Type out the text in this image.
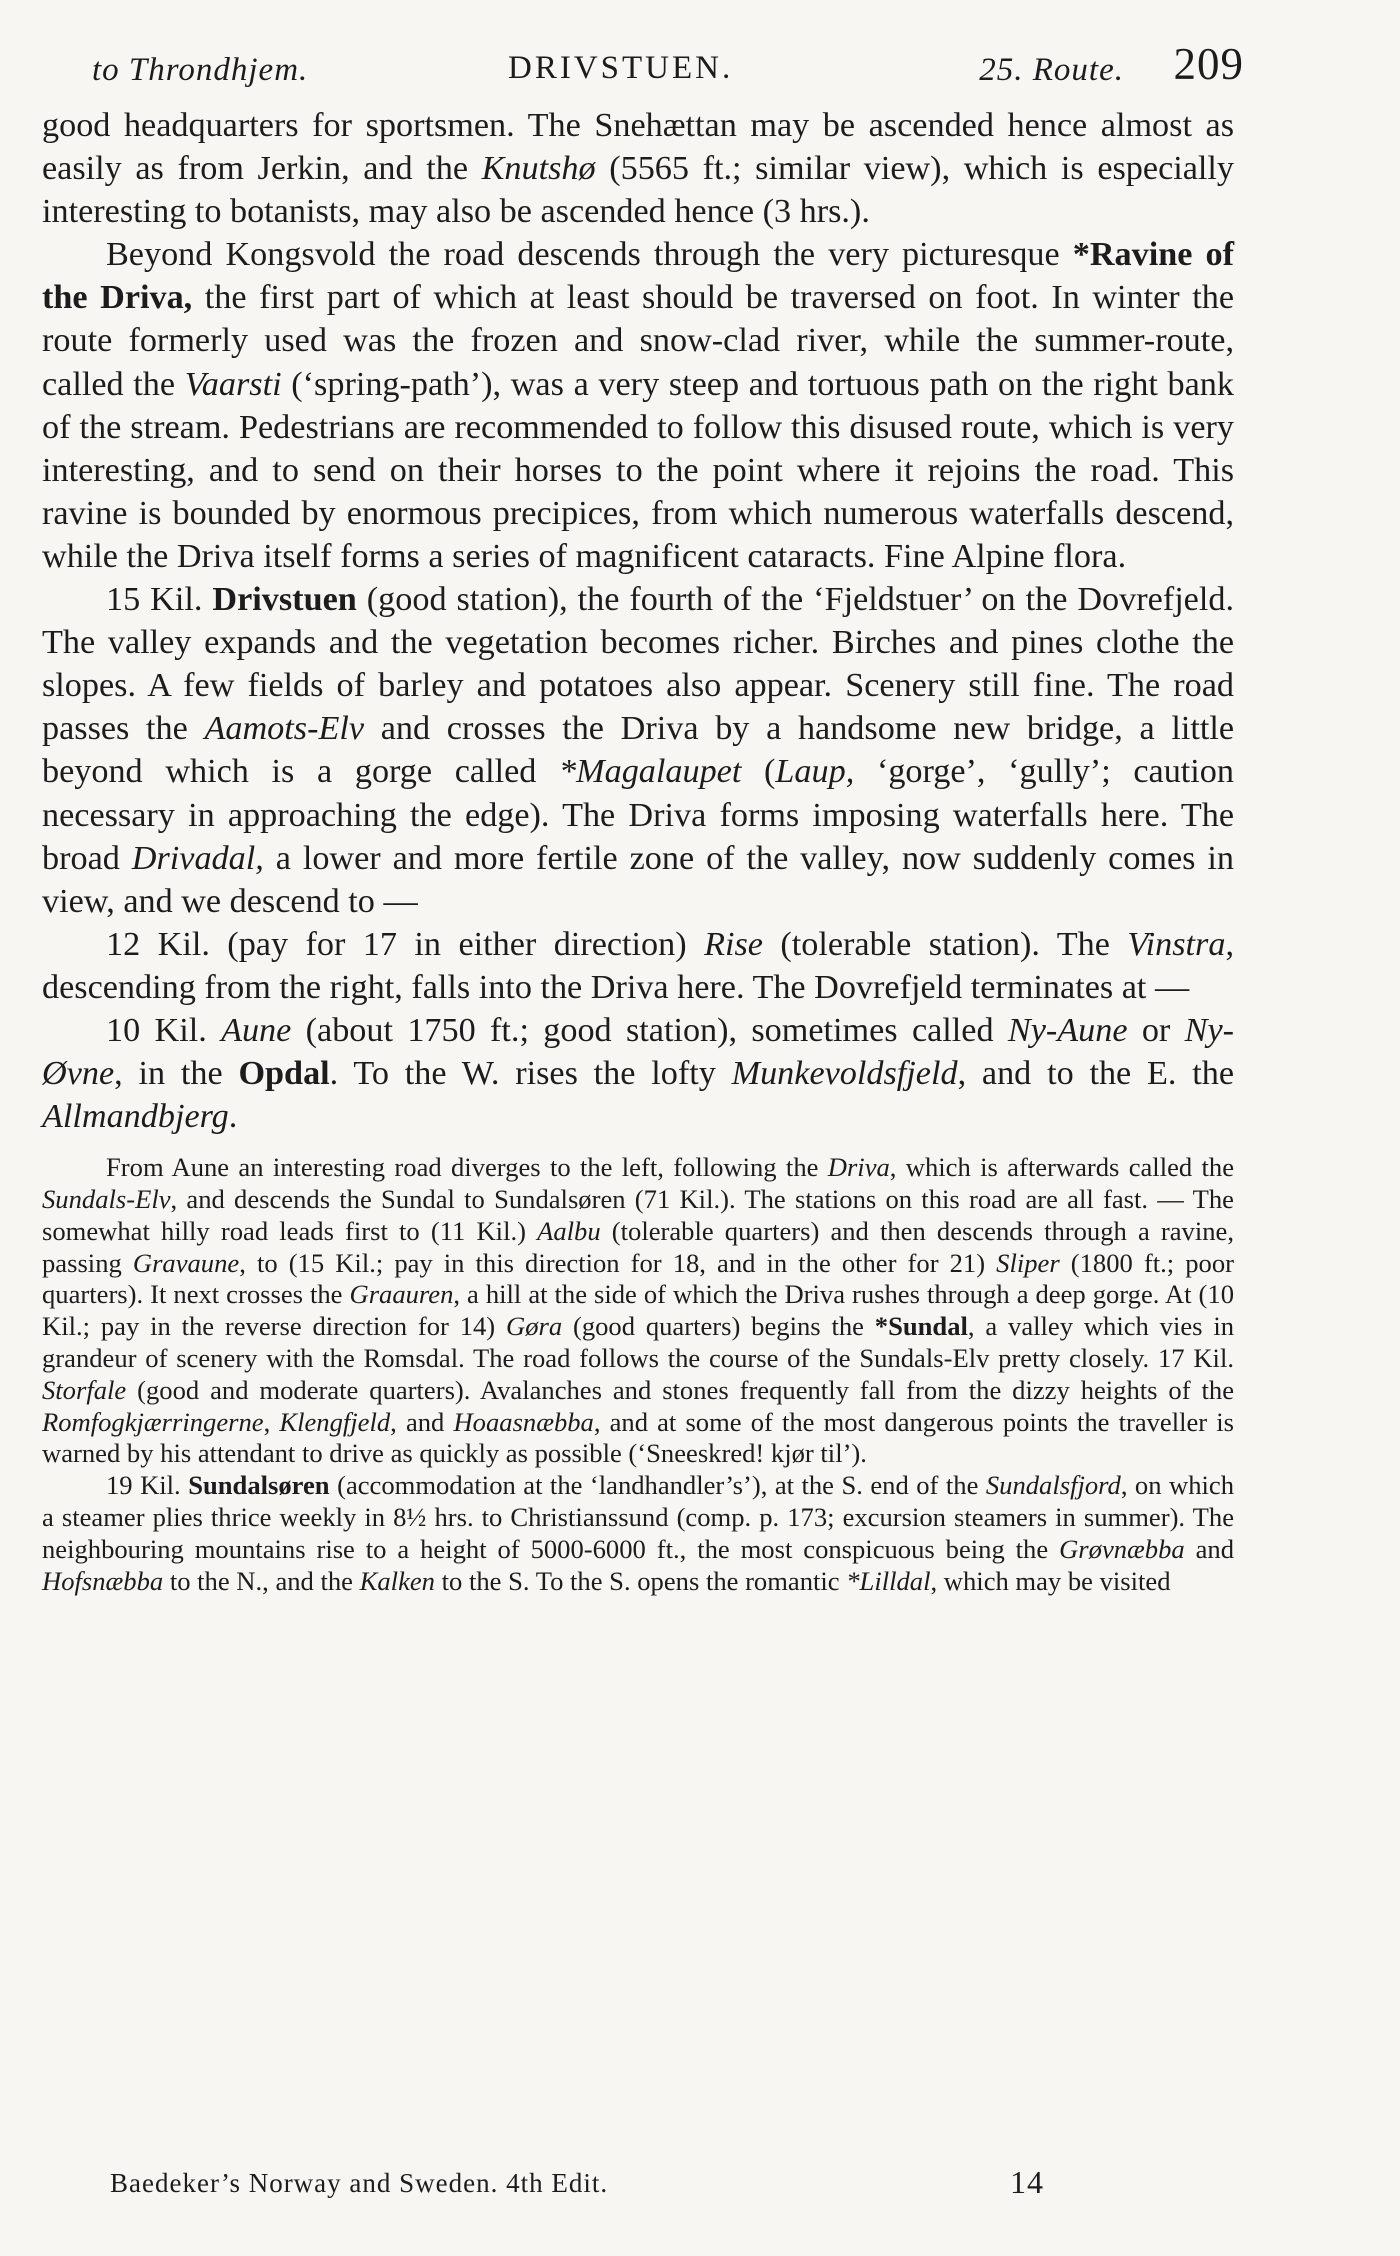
to Throndhjem.	DRIVSTUEN.	25. Route. 209

good headquarters for sportsmen. The Snehættan may be ascended hence almost as easily as from Jerkin, and the Knutshø (5565 ft.; similar view), which is especially interesting to botanists, may also be ascended hence (3 hrs.).

Beyond Kongsvold the road descends through the very picturesque *Ravine of the Driva, the first part of which at least should be traversed on foot. In winter the route formerly used was the frozen and snow-clad river, while the summer-route, called the Vaarsti (‘spring-path’), was a very steep and tortuous path on the right bank of the stream. Pedestrians are recommended to follow this disused route, which is very interesting, and to send on their horses to the point where it rejoins the road. This ravine is bounded by enormous precipices, from which numerous waterfalls descend, while the Driva itself forms a series of magnificent cataracts. Fine Alpine flora.

15 Kil. Drivstuen (good station), the fourth of the ‘Fjeldstuer’ on the Dovrefjeld. The valley expands and the vegetation becomes richer. Birches and pines clothe the slopes. A few fields of barley and potatoes also appear. Scenery still fine. The road passes the Aamots-Elv and crosses the Driva by a handsome new bridge, a little beyond which is a gorge called *Magalaupet (Laup, ‘gorge’, ‘gully’; caution necessary in approaching the edge). The Driva forms imposing waterfalls here. The broad Drivadal, a lower and more fertile zone of the valley, now suddenly comes in view, and we descend to —

12 Kil. (pay for 17 in either direction) Rise (tolerable station). The Vinstra, descending from the right, falls into the Driva here. The Dovrefjeld terminates at —

10 Kil. Aune (about 1750 ft.; good station), sometimes called Ny-Aune or Ny-Øvne, in the Opdal. To the W. rises the lofty Munkevoldsfjeld, and to the E. the Allmandbjerg.

From Aune an interesting road diverges to the left, following the Driva, which is afterwards called the Sundals-Elv, and descends the Sundal to Sundalsøren (71 Kil.). The stations on this road are all fast. — The somewhat hilly road leads first to (11 Kil.) Aalbu (tolerable quarters) and then descends through a ravine, passing Gravaune, to (15 Kil.; pay in this direction for 18, and in the other for 21) Sliper (1800 ft.; poor quarters). It next crosses the Graauren, a hill at the side of which the Driva rushes through a deep gorge. At (10 Kil.; pay in the reverse direction for 14) Gøra (good quarters) begins the *Sundal, a valley which vies in grandeur of scenery with the Romsdal. The road follows the course of the Sundals-Elv pretty closely. 17 Kil. Storfale (good and moderate quarters). Avalanches and stones frequently fall from the dizzy heights of the Romfogkjærringerne, Klengfjeld, and Hoaasnæbba, and at some of the most dangerous points the traveller is warned by his attendant to drive as quickly as possible (‘Sneeskred! kjør til’).

19 Kil. Sundalsøren (accommodation at the ‘landhandler’s’), at the S. end of the Sundalsfjord, on which a steamer plies thrice weekly in 8½ hrs. to Christianssund (comp. p. 173; excursion steamers in summer). The neighbouring mountains rise to a height of 5000-6000 ft., the most conspicuous being the Grøvnæbba and Hofsnæbba to the N., and the Kalken to the S. To the S. opens the romantic *Lilldal, which may be visited

Baedeker’s Norway and Sweden. 4th Edit.	14
